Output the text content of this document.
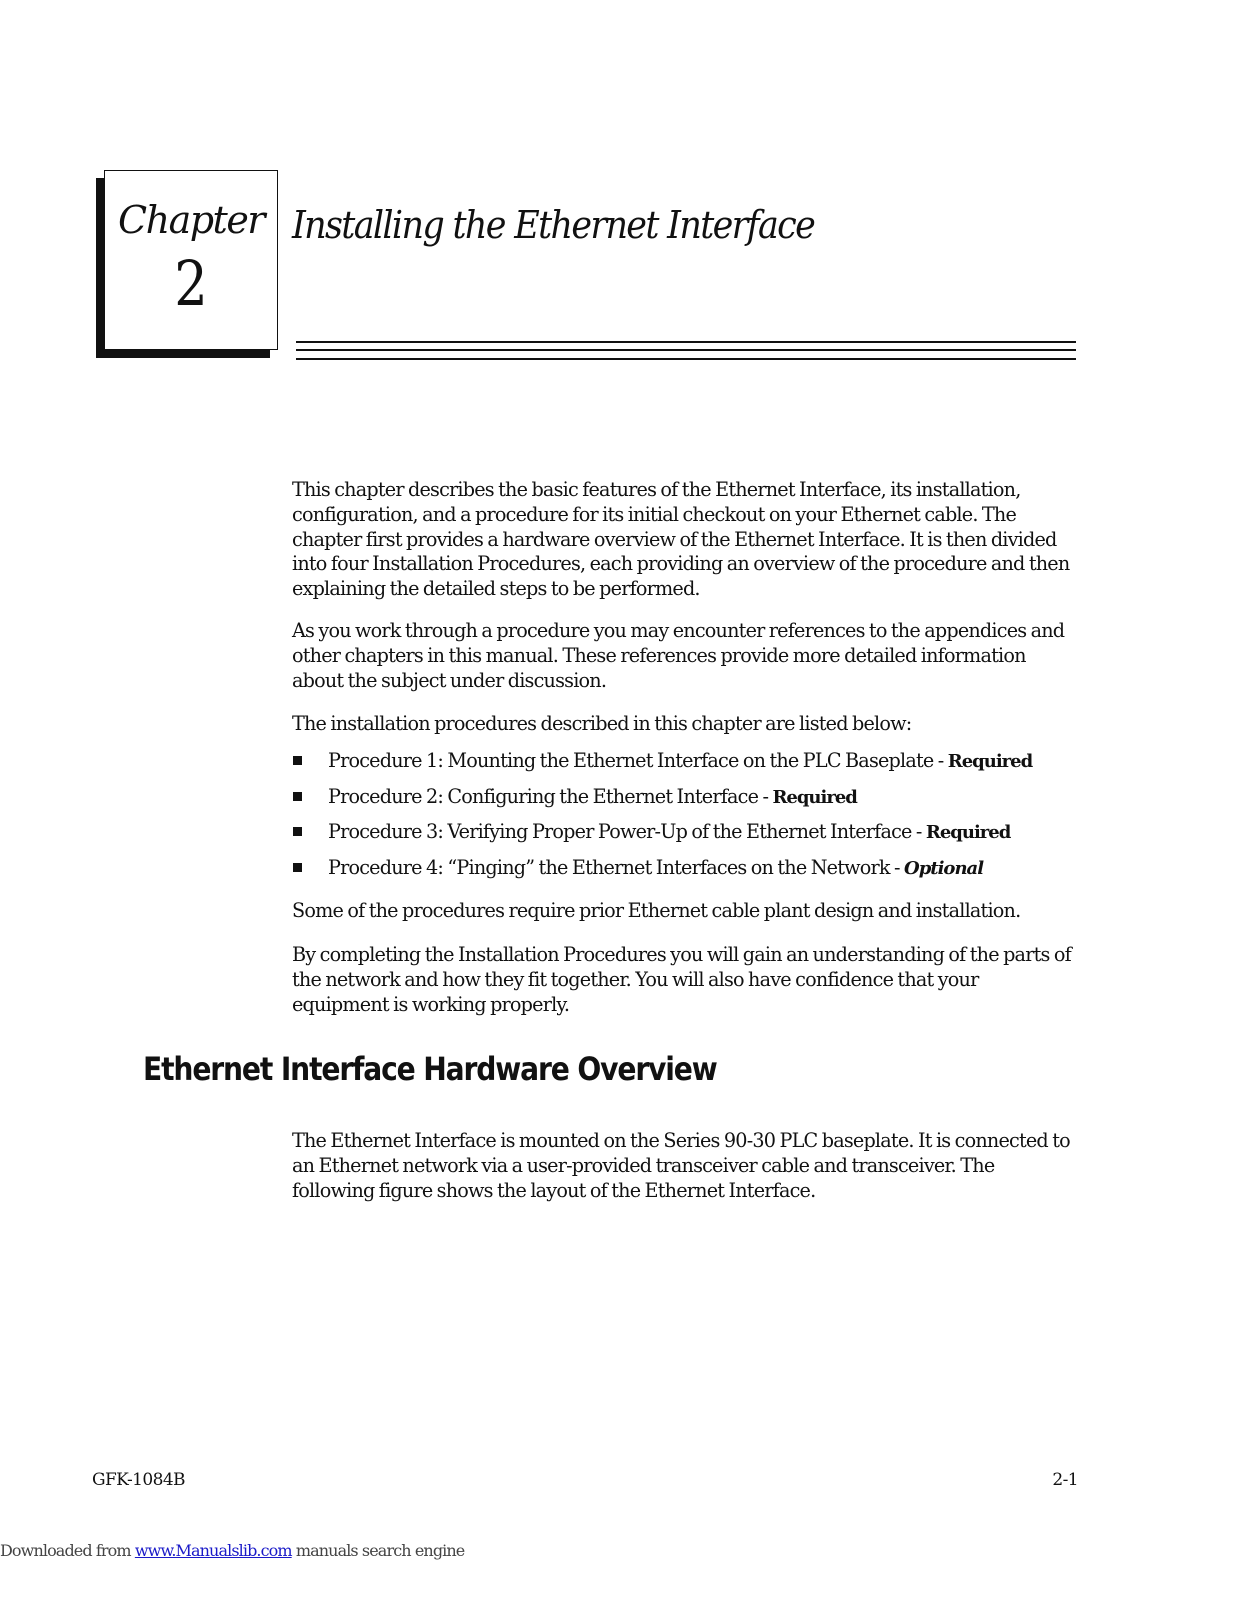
Chapter
2
Installing the Ethernet Interface

This chapter describes the basic features of the Ethernet Interface, its installation, configuration, and a procedure for its initial checkout on your Ethernet cable. The chapter first provides a hardware overview of the Ethernet Interface. It is then divided into four Installation Procedures, each providing an overview of the procedure and then explaining the detailed steps to be performed.

As you work through a procedure you may encounter references to the appendices and other chapters in this manual. These references provide more detailed information about the subject under discussion.

The installation procedures described in this chapter are listed below:

Procedure 1: Mounting the Ethernet Interface on the PLC Baseplate - Required
Procedure 2: Configuring the Ethernet Interface - Required
Procedure 3: Verifying Proper Power-Up of the Ethernet Interface - Required
Procedure 4: “Pinging” the Ethernet Interfaces on the Network - Optional

Some of the procedures require prior Ethernet cable plant design and installation.

By completing the Installation Procedures you will gain an understanding of the parts of the network and how they fit together. You will also have confidence that your equipment is working properly.

Ethernet Interface Hardware Overview

The Ethernet Interface is mounted on the Series 90-30 PLC baseplate. It is connected to an Ethernet network via a user-provided transceiver cable and transceiver. The following figure shows the layout of the Ethernet Interface.

GFK-1084B	2-1
Downloaded from www.Manualslib.com manuals search engine
